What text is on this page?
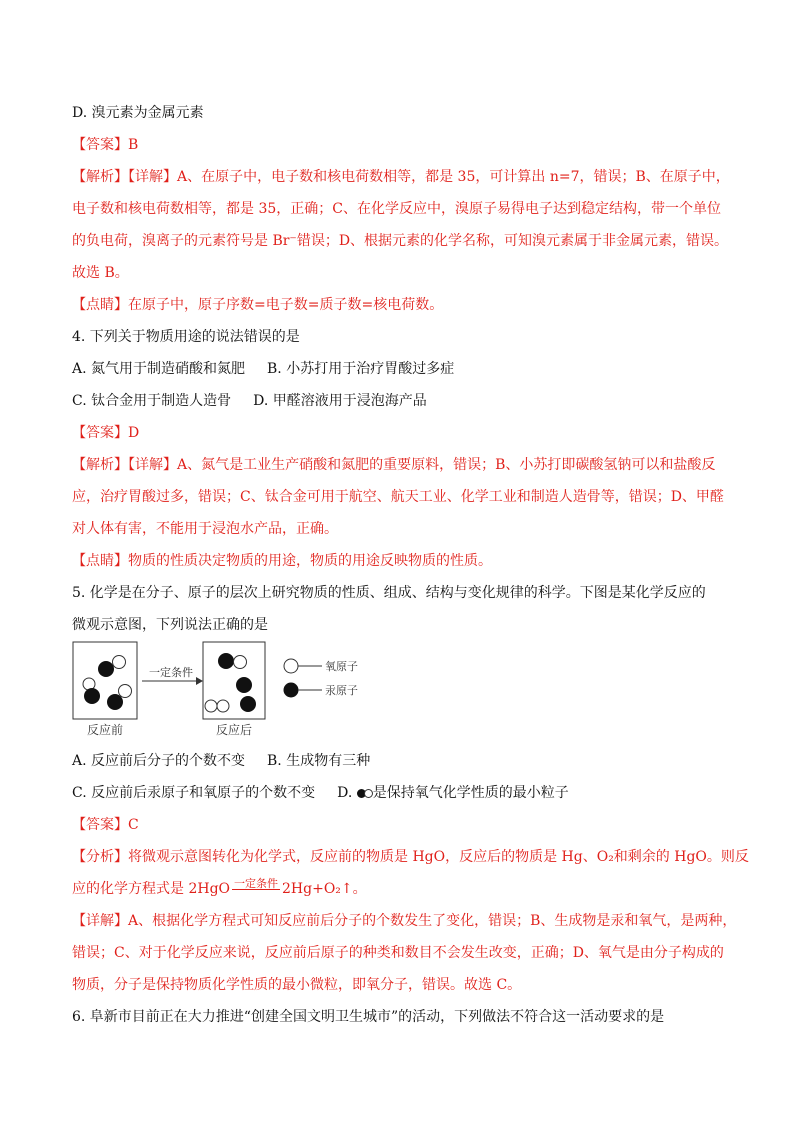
D. 溴元素为金属元素
【答案】B
【解析】【详解】A、在原子中，电子数和核电荷数相等，都是 35，可计算出 n=7，错误；B、在原子中，
电子数和核电荷数相等，都是 35，正确；C、在化学反应中，溴原子易得电子达到稳定结构，带一个单位
的负电荷，溴离子的元素符号是 Br⁻错误；D、根据元素的化学名称，可知溴元素属于非金属元素，错误。
故选 B。
【点睛】在原子中，原子序数=电子数=质子数=核电荷数。
4. 下列关于物质用途的说法错误的是
A. 氮气用于制造硝酸和氮肥 B. 小苏打用于治疗胃酸过多症
C. 钛合金用于制造人造骨 D. 甲醛溶液用于浸泡海产品
【答案】D
【解析】【详解】A、氮气是工业生产硝酸和氮肥的重要原料，错误；B、小苏打即碳酸氢钠可以和盐酸反
应，治疗胃酸过多，错误；C、钛合金可用于航空、航天工业、化学工业和制造人造骨等，错误；D、甲醛
对人体有害，不能用于浸泡水产品，正确。
【点睛】物质的性质决定物质的用途，物质的用途反映物质的性质。
5. 化学是在分子、原子的层次上研究物质的性质、组成、结构与变化规律的科学。下图是某化学反应的
微观示意图，下列说法正确的是
反应前
一定条件
反应后
氧原子
汞原子
A. 反应前后分子的个数不变 B. 生成物有三种
C. 反应前后汞原子和氧原子的个数不变 D. 是保持氧气化学性质的最小粒子
【答案】C
【分析】将微观示意图转化为化学式，反应前的物质是 HgO，反应后的物质是 Hg、O₂和剩余的 HgO。则反
应的化学方程式是 2HgO 一定条件 2Hg+O₂↑。
【详解】A、根据化学方程式可知反应前后分子的个数发生了变化，错误；B、生成物是汞和氧气，是两种，
错误；C、对于化学反应来说，反应前后原子的种类和数目不会发生改变，正确；D、氧气是由分子构成的
物质，分子是保持物质化学性质的最小微粒，即氧分子，错误。故选 C。
6. 阜新市目前正在大力推进“创建全国文明卫生城市”的活动，下列做法不符合这一活动要求的是
